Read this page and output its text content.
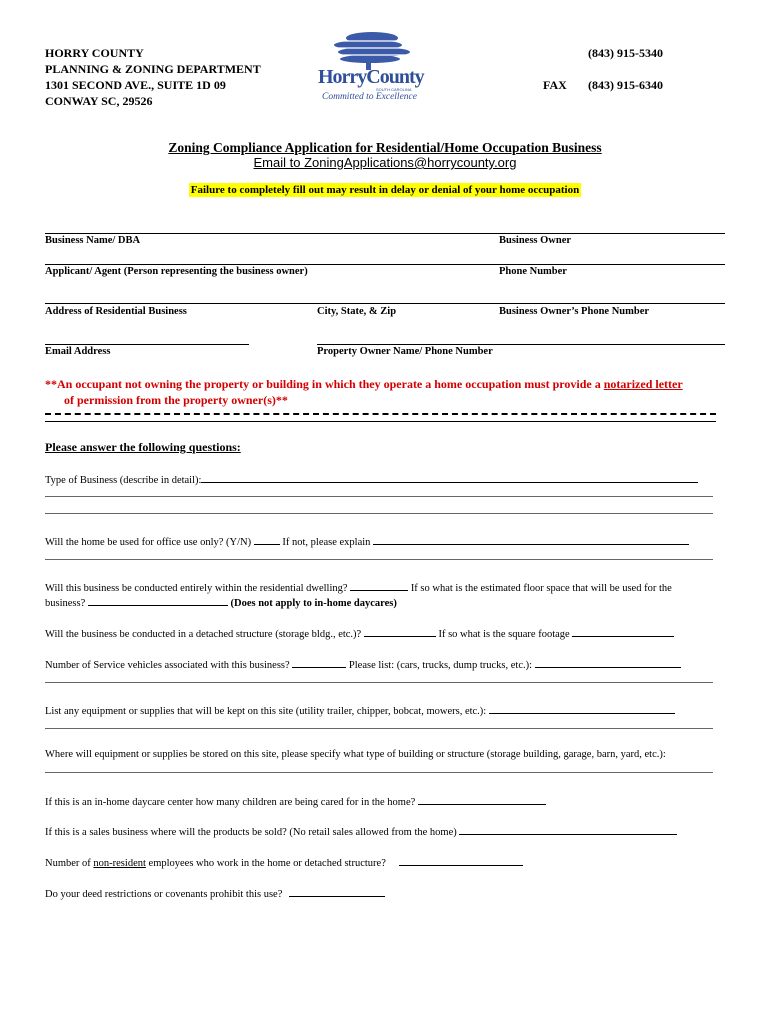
HORRY COUNTY
PLANNING & ZONING DEPARTMENT
1301 SECOND AVE., SUITE 1D 09
CONWAY SC, 29526
HorryCounty
SOUTH CAROLINA
Committed to Excellence
(843) 915-5340
FAX (843) 915-6340
Zoning Compliance Application for Residential/Home Occupation Business
Email to ZoningApplications@horrycounty.org
Failure to completely fill out may result in delay or denial of your home occupation
Business Name/ DBA	Business Owner
Applicant/ Agent (Person representing the business owner)	Phone Number
Address of Residential Business	City, State, & Zip	Business Owner’s Phone Number
Email Address	Property Owner Name/ Phone Number
**An occupant not owning the property or building in which they operate a home occupation must provide a notarized letter
of permission from the property owner(s)**
Please answer the following questions:
Type of Business (describe in detail):
Will the home be used for office use only? (Y/N)	If not, please explain
Will this business be conducted entirely within the residential dwelling?	If so what is the estimated floor space that will be used for the
business?	(Does not apply to in-home daycares)
Will the business be conducted in a detached structure (storage bldg., etc.)?	If so what is the square footage
Number of Service vehicles associated with this business?	Please list: (cars, trucks, dump trucks, etc.):
List any equipment or supplies that will be kept on this site (utility trailer, chipper, bobcat, mowers, etc.):
Where will equipment or supplies be stored on this site, please specify what type of building or structure (storage building, garage, barn, yard, etc.):
If this is an in-home daycare center how many children are being cared for in the home?
If this is a sales business where will the products be sold? (No retail sales allowed from the home)
Number of non-resident employees who work in the home or detached structure?
Do your deed restrictions or covenants prohibit this use?
